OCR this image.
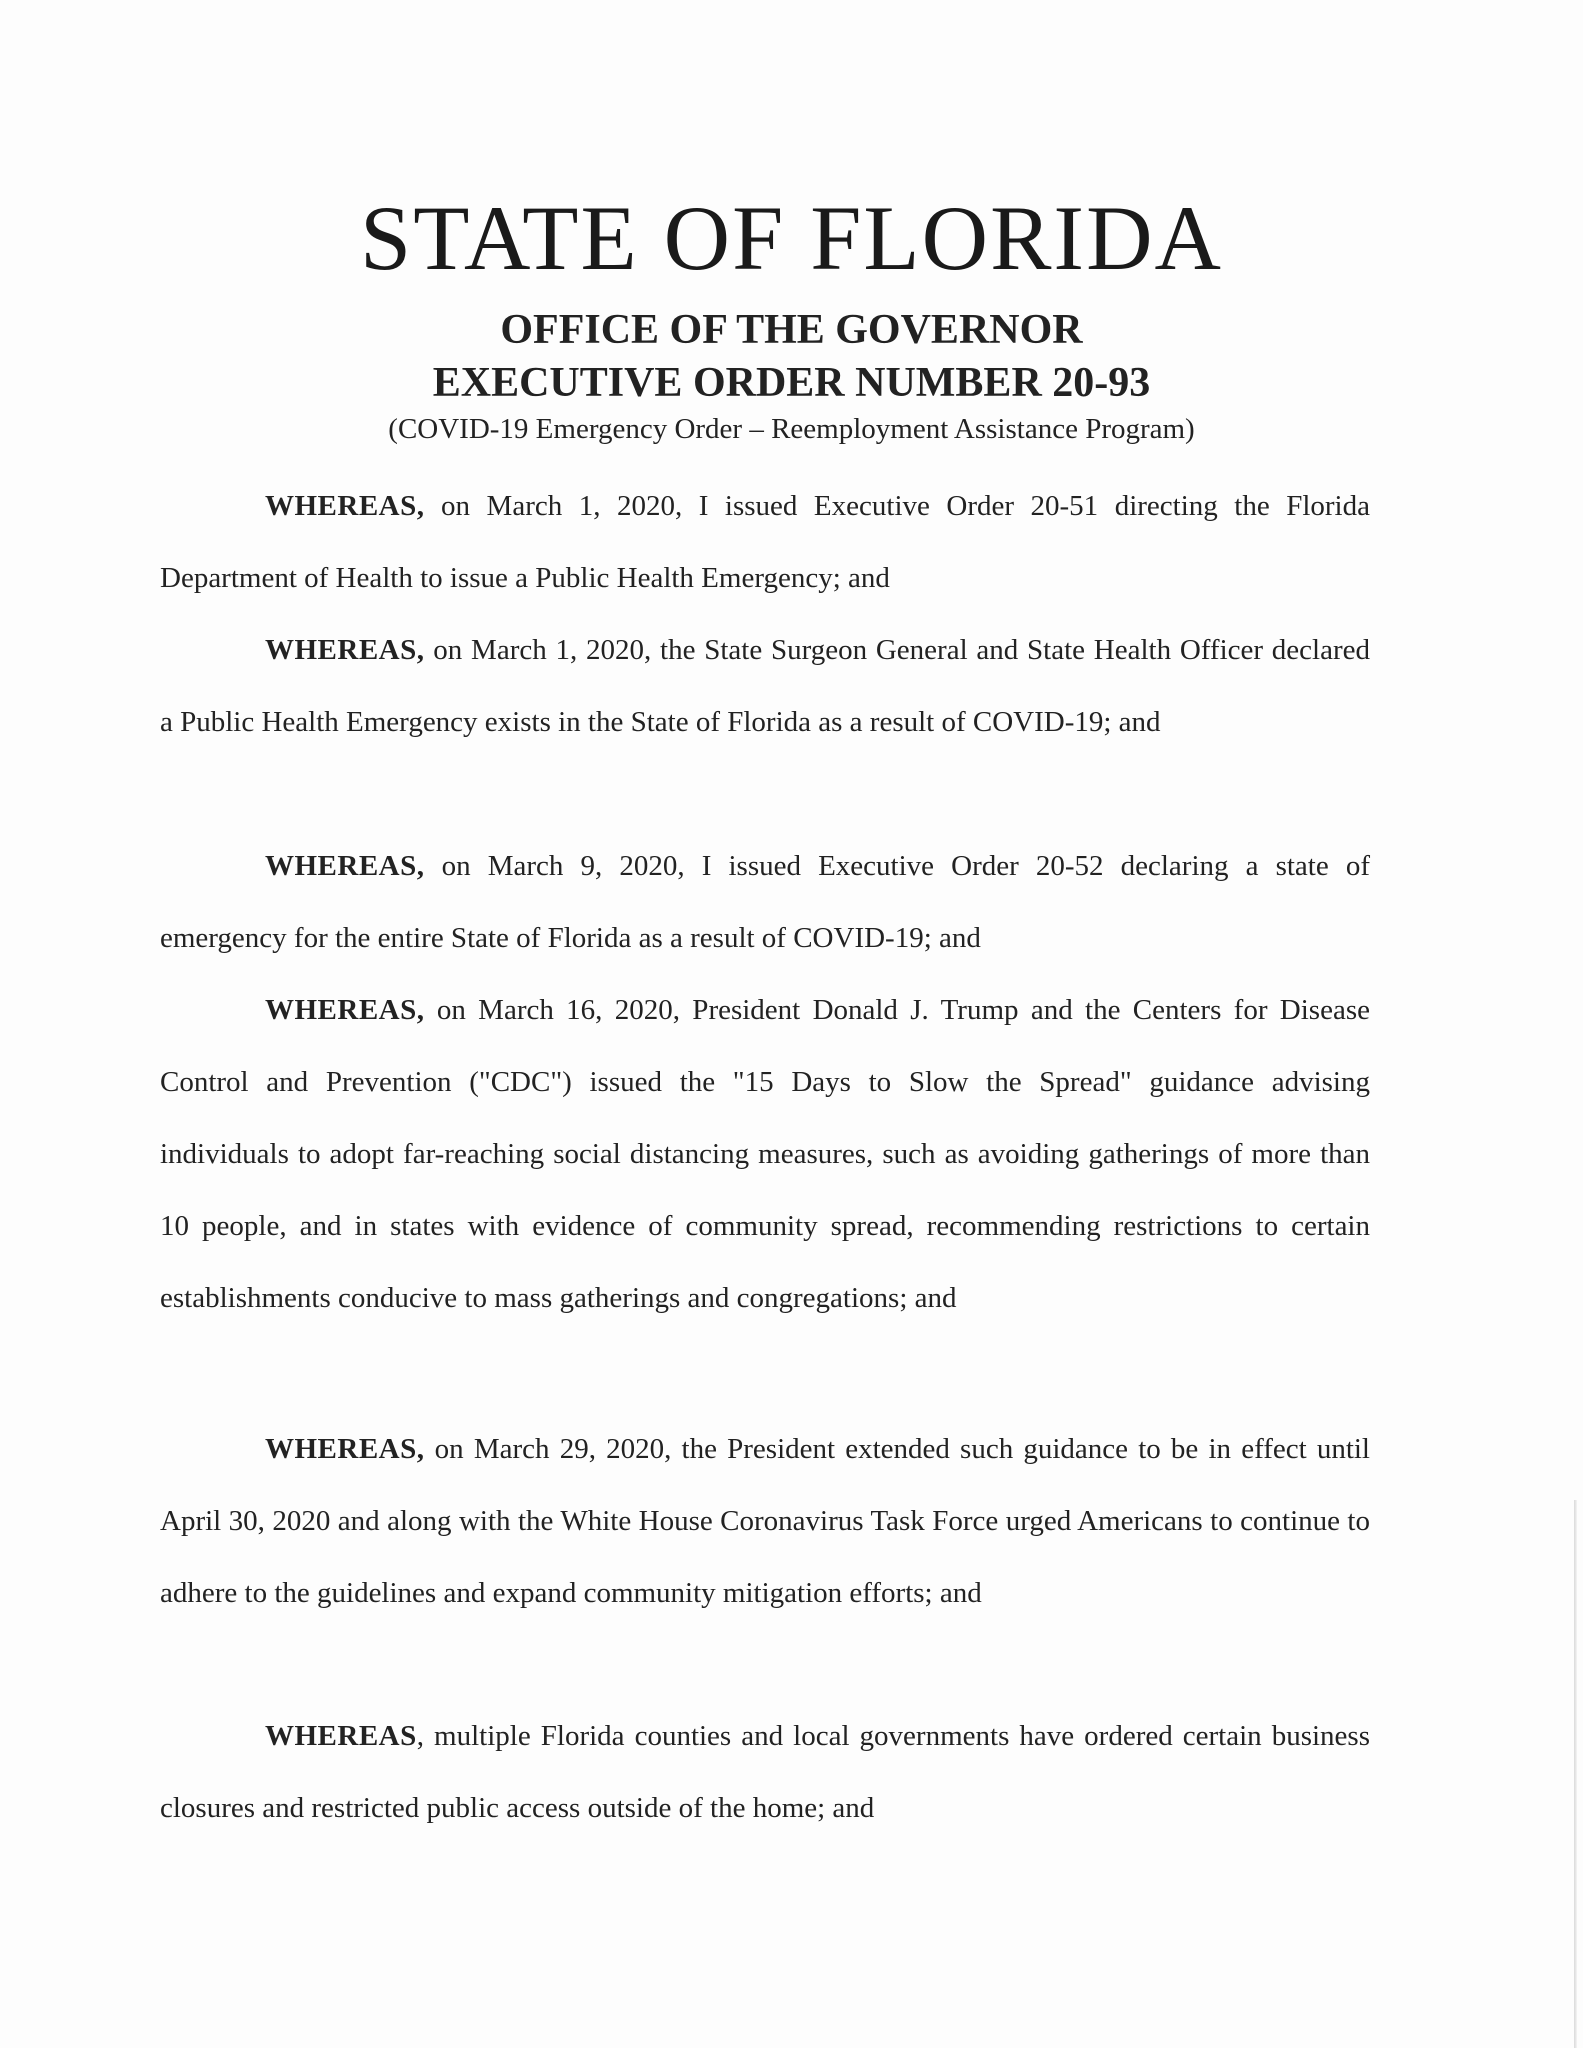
STATE OF FLORIDA
OFFICE OF THE GOVERNOR
EXECUTIVE ORDER NUMBER 20-93
(COVID-19 Emergency Order – Reemployment Assistance Program)
WHEREAS, on March 1, 2020, I issued Executive Order 20-51 directing the Florida Department of Health to issue a Public Health Emergency; and
WHEREAS, on March 1, 2020, the State Surgeon General and State Health Officer declared a Public Health Emergency exists in the State of Florida as a result of COVID-19; and
WHEREAS, on March 9, 2020, I issued Executive Order 20-52 declaring a state of emergency for the entire State of Florida as a result of COVID-19; and
WHEREAS, on March 16, 2020, President Donald J. Trump and the Centers for Disease Control and Prevention ("CDC") issued the "15 Days to Slow the Spread" guidance advising individuals to adopt far-reaching social distancing measures, such as avoiding gatherings of more than 10 people, and in states with evidence of community spread, recommending restrictions to certain establishments conducive to mass gatherings and congregations; and
WHEREAS, on March 29, 2020, the President extended such guidance to be in effect until April 30, 2020 and along with the White House Coronavirus Task Force urged Americans to continue to adhere to the guidelines and expand community mitigation efforts; and
WHEREAS, multiple Florida counties and local governments have ordered certain business closures and restricted public access outside of the home; and
